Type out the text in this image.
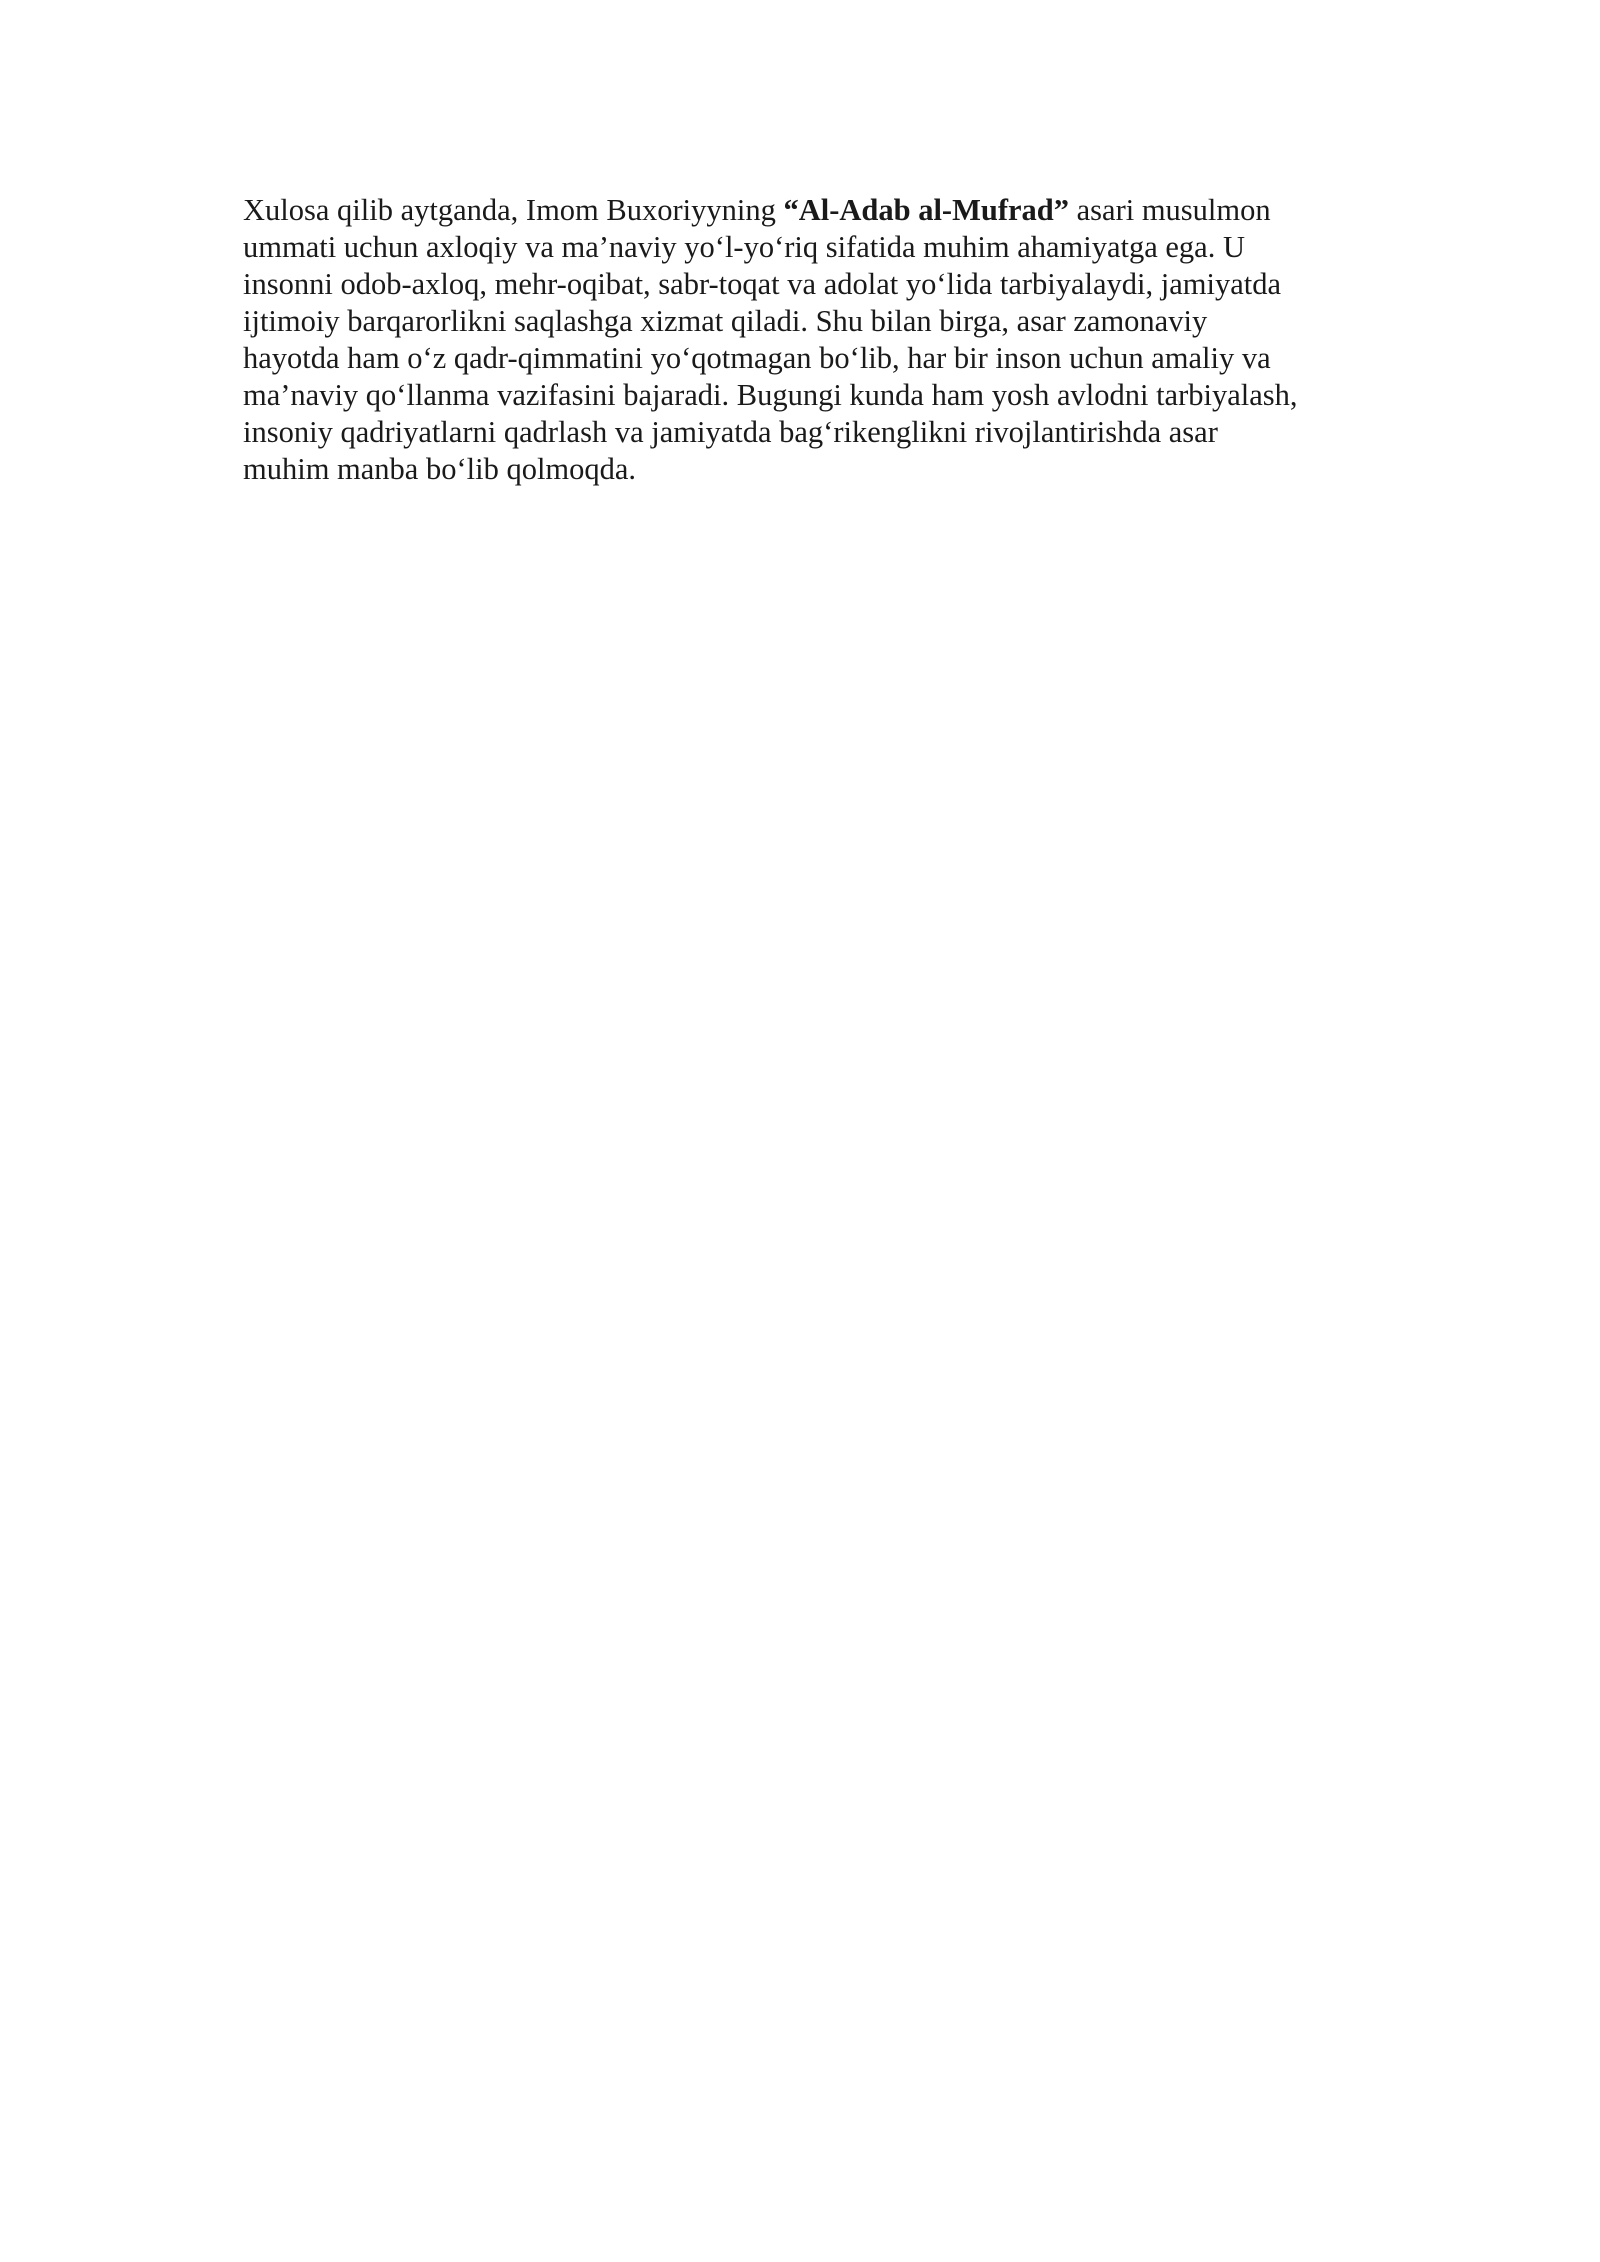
Xulosa qilib aytganda, Imom Buxoriyyning “Al-Adab al-Mufrad” asari musulmon
ummati uchun axloqiy va ma’naviy yo‘l-yo‘riq sifatida muhim ahamiyatga ega. U
insonni odob-axloq, mehr-oqibat, sabr-toqat va adolat yo‘lida tarbiyalaydi, jamiyatda
ijtimoiy barqarorlikni saqlashga xizmat qiladi. Shu bilan birga, asar zamonaviy
hayotda ham o‘z qadr-qimmatini yo‘qotmagan bo‘lib, har bir inson uchun amaliy va
ma’naviy qo‘llanma vazifasini bajaradi. Bugungi kunda ham yosh avlodni tarbiyalash,
insoniy qadriyatlarni qadrlash va jamiyatda bag‘rikenglikni rivojlantirishda asar
muhim manba bo‘lib qolmoqda.
